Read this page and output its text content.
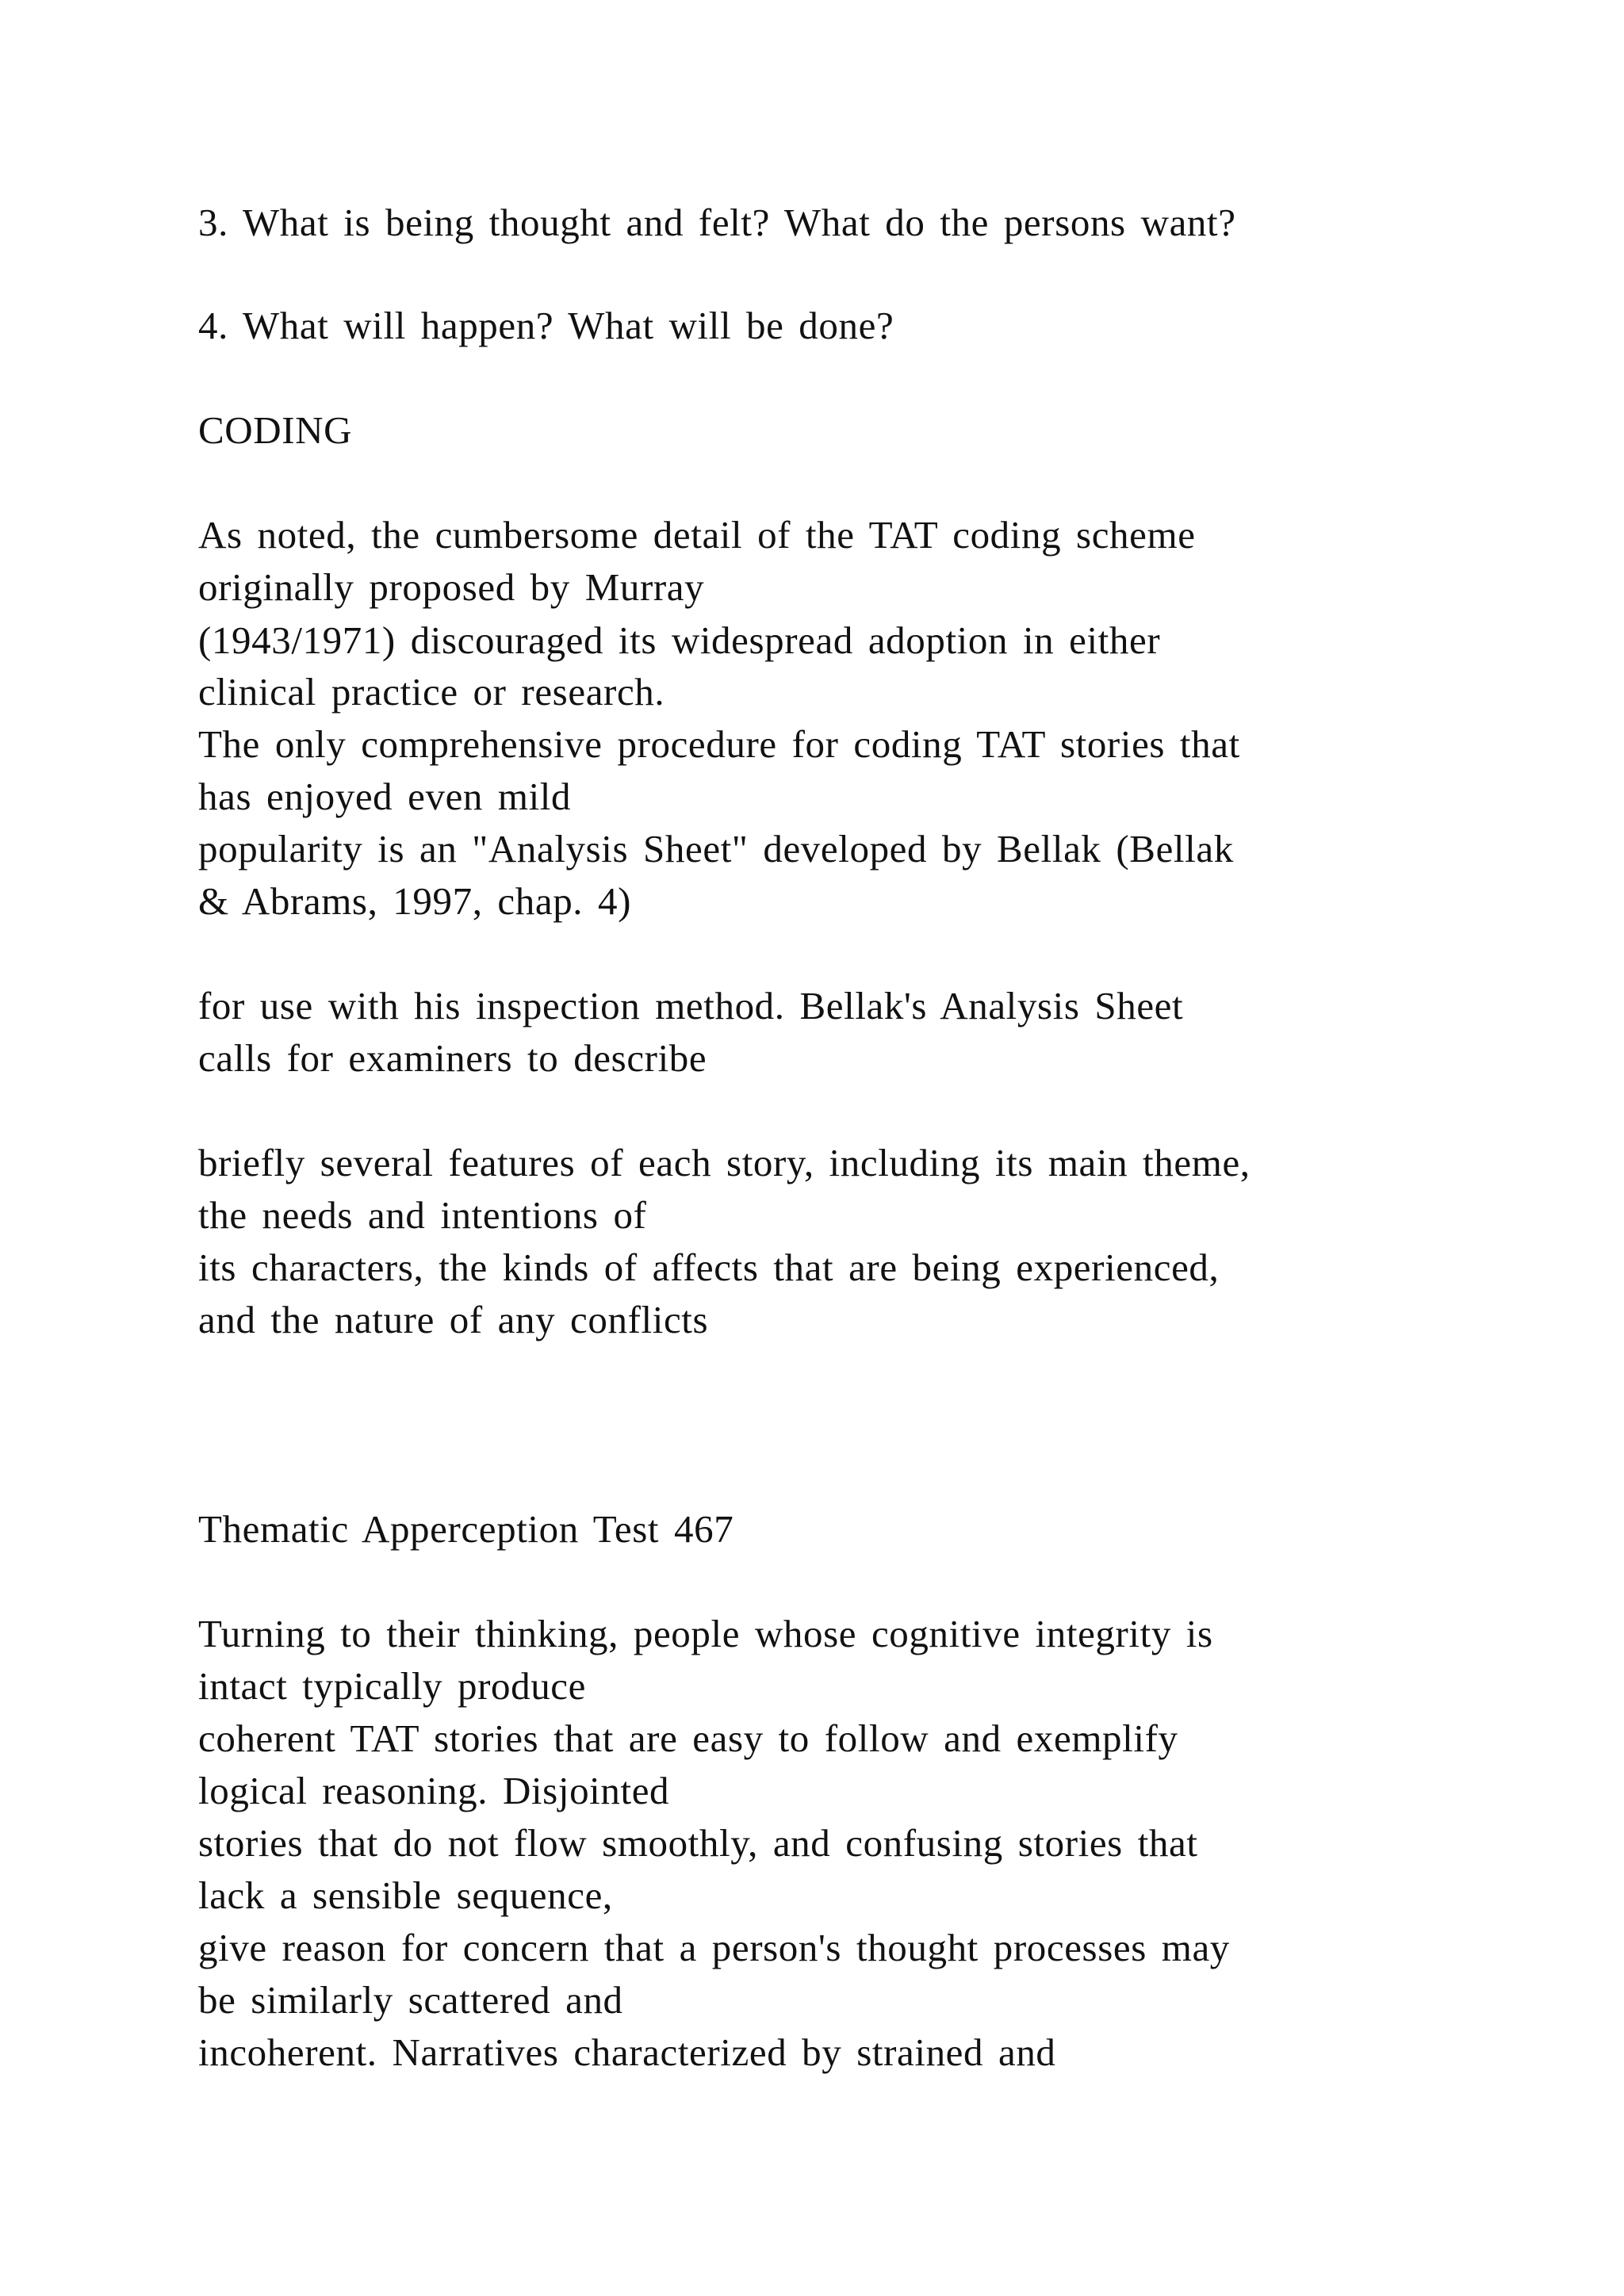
3. What is being thought and felt? What do the persons want?
4. What will happen? What will be done?
CODING
As noted, the cumbersome detail of the TAT coding scheme
originally proposed by Murray
(1943/1971) discouraged its widespread adoption in either
clinical practice or research.
The only comprehensive procedure for coding TAT stories that
has enjoyed even mild
popularity is an "Analysis Sheet" developed by Bellak (Bellak
& Abrams, 1997, chap. 4)
for use with his inspection method. Bellak's Analysis Sheet
calls for examiners to describe
briefly several features of each story, including its main theme,
the needs and intentions of
its characters, the kinds of affects that are being experienced,
and the nature of any conflicts
Thematic Apperception Test 467
Turning to their thinking, people whose cognitive integrity is
intact typically produce
coherent TAT stories that are easy to follow and exemplify
logical reasoning. Disjointed
stories that do not flow smoothly, and confusing stories that
lack a sensible sequence,
give reason for concern that a person's thought processes may
be similarly scattered and
incoherent. Narratives characterized by strained and
